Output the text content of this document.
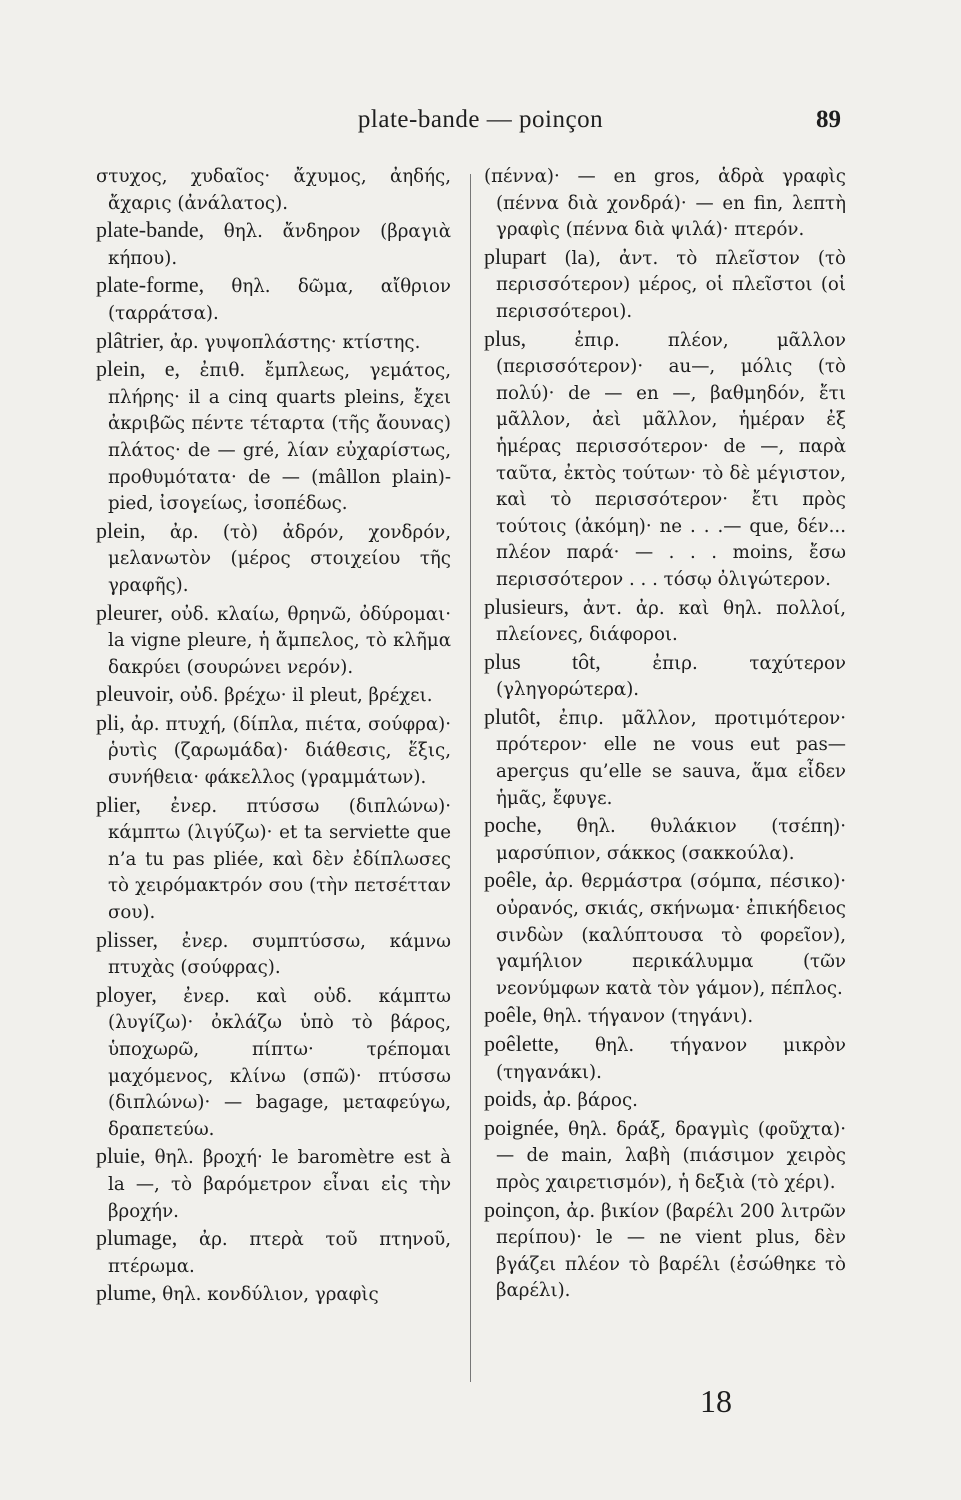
plate-bande — poinçon	89

στυχος, χυδαῖος· ἄχυμος, ἀηδής, ἄχαρις (ἀνάλατος).

plate-bande, θηλ. ἄνδηρον (βραγιὰ κήπου).

plate-forme, θηλ. δῶμα, αἴθριον (ταρράτσα).

plâtrier, ἀρ. γυψοπλάστης· κτίστης.

plein, e, ἐπιθ. ἔμπλεως, γεμάτος, πλήρης· il a cinq quarts pleins, ἔχει ἀκριβῶς πέντε τέταρτα (τῆς ἄουνας) πλάτος· de — gré, λίαν εὐχαρίστως, προθυμότατα· de — (mâllon plain)-pied, ἰσογείως, ἰσοπέδως.

plein, ἀρ. (τὸ) ἀδρόν, χονδρόν, μελανωτὸν (μέρος στοιχείου τῆς γραφῆς).

pleurer, οὐδ. κλαίω, θρηνῶ, ὀδύρομαι· la vigne pleure, ἡ ἄμπελος, τὸ κλῆμα δακρύει (σουρώνει νερόν).

pleuvoir, οὐδ. βρέχω· il pleut, βρέχει.

pli, ἀρ. πτυχή, (δίπλα, πιέτα, σούφρα)· ῥυτὶς (ζαρωμάδα)· διάθεσις, ἕξις, συνήθεια· φάκελλος (γραμμάτων).

plier, ἐνερ. πτύσσω (διπλώνω)· κάμπτω (λιγύζω)· et ta serviette que n’a tu pas pliée, καὶ δὲν ἐδίπλωσες τὸ χειρόμακτρόν σου (τὴν πετσέτταν σου).

plisser, ἐνερ. συμπτύσσω, κάμνω πτυχὰς (σούφρας).

ployer, ἐνερ. καὶ οὐδ. κάμπτω (λυγίζω)· ὀκλάζω ὑπὸ τὸ βάρος, ὑποχωρῶ, πίπτω· τρέπομαι μαχόμενος, κλίνω (σπῶ)· πτύσσω (διπλώνω)· — bagage, μεταφεύγω, δραπετεύω.

pluie, θηλ. βροχή· le baromètre est à la —, τὸ βαρόμετρον εἶναι εἰς τὴν βροχήν.

plumage, ἀρ. πτερὰ τοῦ πτηνοῦ, πτέρωμα.

plume, θηλ. κονδύλιον, γραφὶς

(πέννα)· — en gros, ἁδρὰ γραφὶς (πέννα διὰ χονδρά)· — en fin, λεπτὴ γραφὶς (πέννα διὰ ψιλά)· πτερόν.

plupart (la), ἀντ. τὸ πλεῖστον (τὸ περισσότερον) μέρος, οἱ πλεῖστοι (οἱ περισσότεροι).

plus,	ἐπιρ. πλέον, μᾶλλον (περισσότερον)· au—, μόλις (τὸ πολύ)· de — en —, βαθμηδόν, ἔτι μᾶλλον, ἀεὶ μᾶλλον, ἡμέραν ἐξ ἡμέρας περισσότερον· de —, παρὰ ταῦτα, ἐκτὸς τούτων· τὸ δὲ μέγιστον, καὶ τὸ περισσότερον· ἔτι πρὸς τούτοις (ἀκόμη)· ne . . .— que, δέν... πλέον παρά· — . . . moins, ἔσω περισσότερον . . . τόσῳ ὀλιγώτερον.

plusieurs, ἀντ. ἀρ. καὶ θηλ. πολλοί, πλείονες, διάφοροι.

plus tôt,	ἐπιρ. ταχύτερον (γληγορώτερα).

plutôt, ἐπιρ. μᾶλλον, προτιμότερον· πρότερον· elle ne vous eut pas—aperçus qu’elle se sauva, ἅμα εἶδεν ἡμᾶς, ἔφυγε.

poche, θηλ. θυλάκιον (τσέπη)· μαρσύπιον, σάκκος (σακκούλα).

poêle, ἀρ. θερμάστρα (σόμπα, πέσικο)· οὐρανός, σκιάς, σκήνωμα· ἐπικήδειος σινδὼν (καλύπτουσα τὸ φορεῖον), γαμήλιον περικάλυμμα (τῶν νεονύμφων κατὰ τὸν γάμον), πέπλος.

poêle, θηλ. τήγανον (τηγάνι).

poêlette, θηλ. τήγανον μικρὸν (τηγανάκι).

poids, ἀρ. βάρος.

poignée, θηλ. δράξ, δραγμὶς (φοῦχτα)· — de main, λαβὴ (πιάσιμον χειρὸς πρὸς χαιρετισμόν), ἡ δεξιὰ (τὸ χέρι).

poinçon, ἀρ. βικίον (βαρέλι 200 λιτρῶν περίπου)· le — ne vient plus, δὲν βγάζει πλέον τὸ βαρέλι (ἐσώθηκε τὸ βαρέλι).

18
